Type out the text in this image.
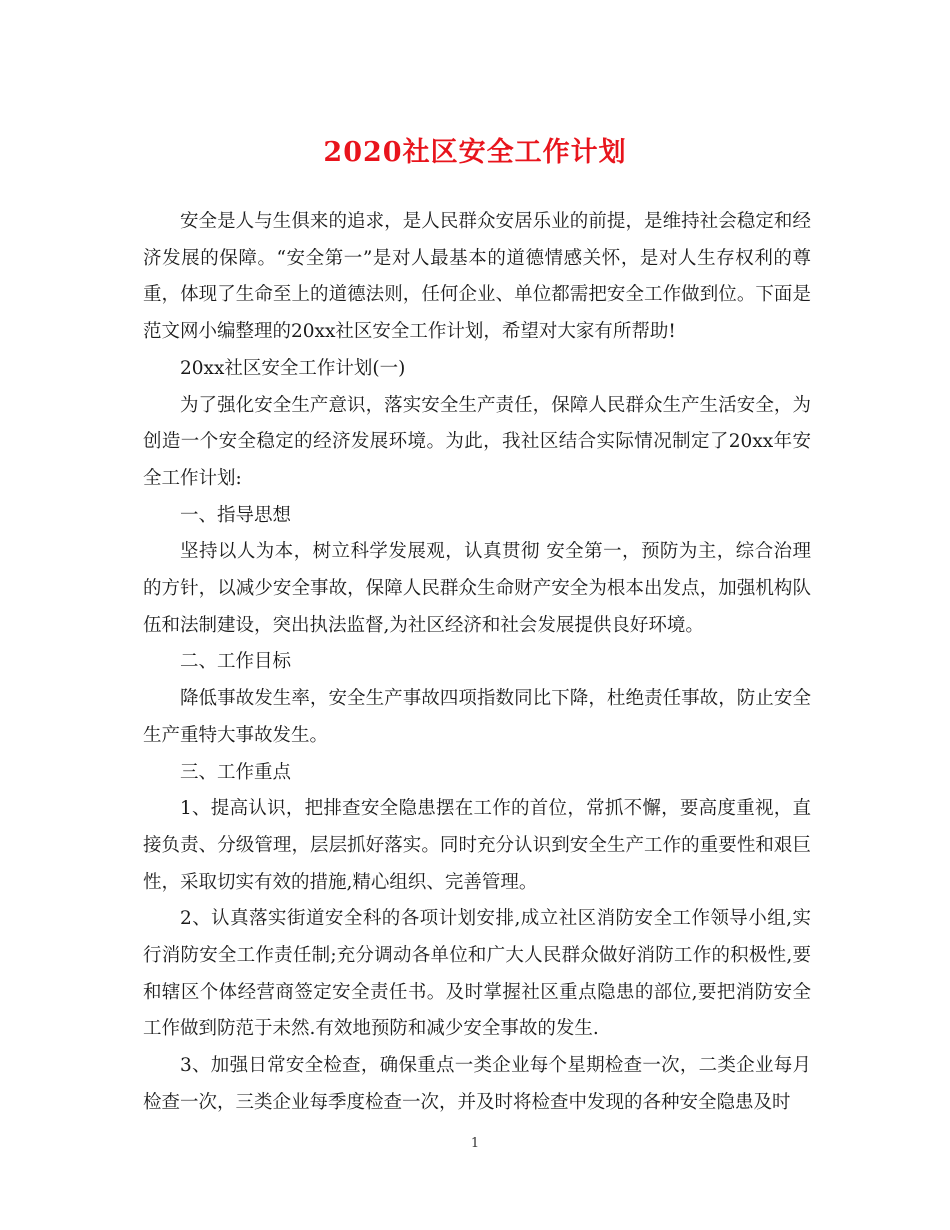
2020社区安全工作计划

安全是人与生俱来的追求，是人民群众安居乐业的前提，是维持社会稳定和经济发展的保障。“安全第一”是对人最基本的道德情感关怀，是对人生存权利的尊重，体现了生命至上的道德法则，任何企业、单位都需把安全工作做到位。下面是范文网小编整理的20xx社区安全工作计划，希望对大家有所帮助!

20xx社区安全工作计划(一)

为了强化安全生产意识，落实安全生产责任，保障人民群众生产生活安全，为创造一个安全稳定的经济发展环境。为此，我社区结合实际情况制定了20xx年安全工作计划:

一、指导思想

坚持以人为本，树立科学发展观，认真贯彻 安全第一，预防为主，综合治理的方针，以减少安全事故，保障人民群众生命财产安全为根本出发点，加强机构队伍和法制建设，突出执法监督,为社区经济和社会发展提供良好环境。

二、工作目标

降低事故发生率，安全生产事故四项指数同比下降，杜绝责任事故，防止安全生产重特大事故发生。

三、工作重点

1、提高认识，把排查安全隐患摆在工作的首位，常抓不懈，要高度重视，直接负责、分级管理，层层抓好落实。同时充分认识到安全生产工作的重要性和艰巨性，采取切实有效的措施,精心组织、完善管理。

2、认真落实街道安全科的各项计划安排,成立社区消防安全工作领导小组,实行消防安全工作责任制;充分调动各单位和广大人民群众做好消防工作的积极性,要和辖区个体经营商签定安全责任书。及时掌握社区重点隐患的部位,要把消防安全工作做到防范于未然.有效地预防和减少安全事故的发生.

3、加强日常安全检查，确保重点一类企业每个星期检查一次，二类企业每月检查一次，三类企业每季度检查一次，并及时将检查中发现的各种安全隐患及时

1
